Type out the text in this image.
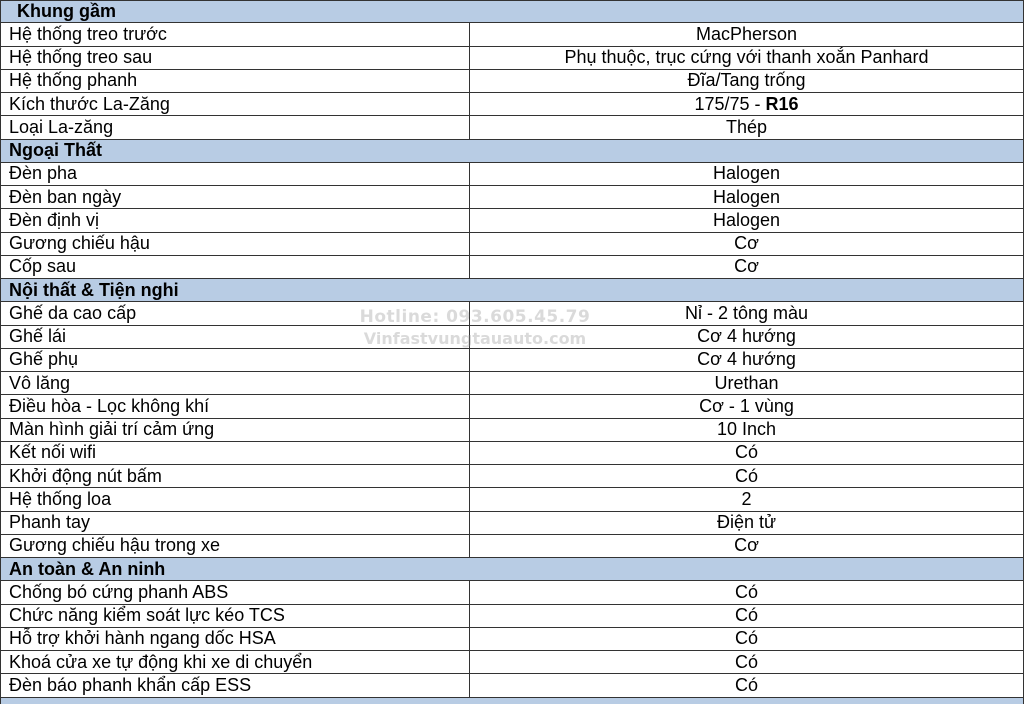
Khung gầm
Hệ thống treo trước	MacPherson
Hệ thống treo sau	Phụ thuộc, trục cứng với thanh xoắn Panhard
Hệ thống phanh	Đĩa/Tang trống
Kích thước La-Zăng	175/75 - R16
Loại La-zăng	Thép
Ngoại Thất
Đèn pha	Halogen
Đèn ban ngày	Halogen
Đèn định vị	Halogen
Gương chiếu hậu	Cơ
Cốp sau	Cơ
Nội thất & Tiện nghi
Ghế da cao cấp	Nỉ - 2 tông màu
Ghế lái	Cơ 4 hướng
Ghế phụ	Cơ 4 hướng
Vô lăng	Urethan
Điều hòa - Lọc không khí	Cơ - 1 vùng
Màn hình giải trí cảm ứng	10 Inch
Kết nối wifi	Có
Khởi động nút bấm	Có
Hệ thống loa	2
Phanh tay	Điện tử
Gương chiếu hậu trong xe	Cơ
An toàn & An ninh
Chống bó cứng phanh ABS	Có
Chức năng kiểm soát lực kéo TCS	Có
Hỗ trợ khởi hành ngang dốc HSA	Có
Khoá cửa xe tự động khi xe di chuyển	Có
Đèn báo phanh khẩn cấp ESS	Có
Hotline: 093.605.45.79
Vinfastvungtauauto.com
